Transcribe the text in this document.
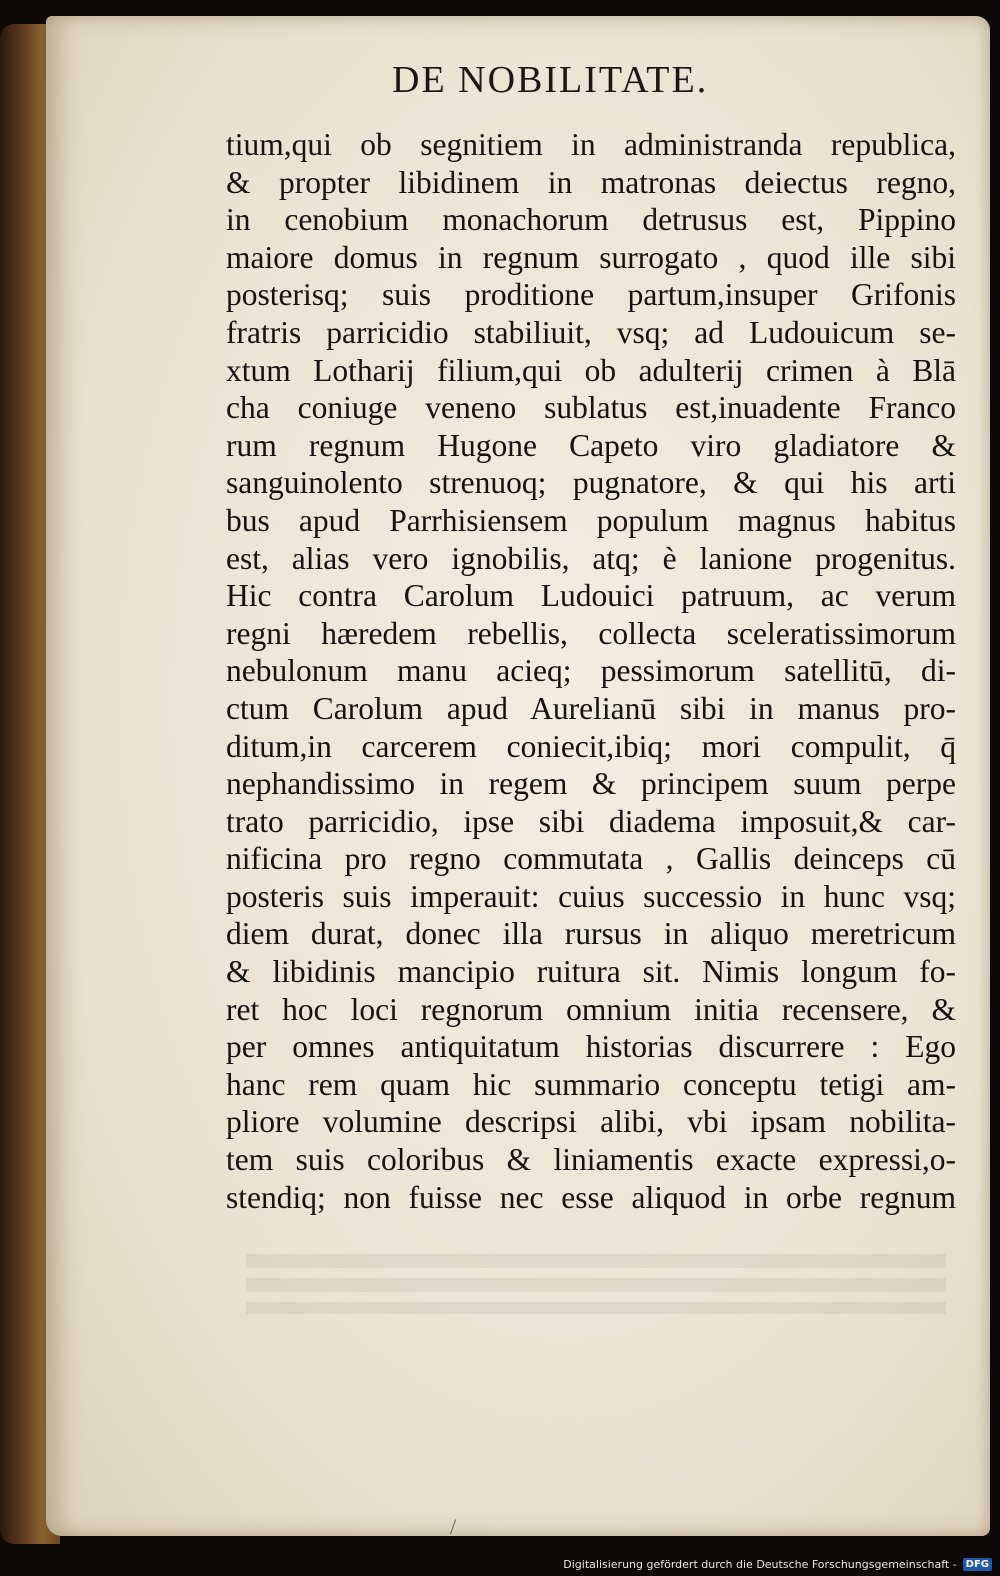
DE NOBILITATE.
tium,qui ob segnitiem in administranda republica,
& propter libidinem in matronas deiectus regno,
in cenobium monachorum detrusus est, Pippino
maiore domus in regnum surrogato , quod ille sibi
posterisq; suis proditione partum,insuper Grifonis
fratris parricidio stabiliuit, vsq; ad Ludouicum se-
xtum Lotharij filium,qui ob adulterij crimen à Blā
cha coniuge veneno sublatus est,inuadente Franco
rum regnum Hugone Capeto viro gladiatore &
sanguinolento strenuoq; pugnatore, & qui his arti
bus apud Parrhisiensem populum magnus habitus
est, alias vero ignobilis, atq; è lanione progenitus.
Hic contra Carolum Ludouici patruum, ac verum
regni hæredem rebellis, collecta sceleratissimorum
nebulonum manu acieq; pessimorum satellitū, di-
ctum Carolum apud Aurelianū sibi in manus pro-
ditum,in carcerem coniecit,ibiq; mori compulit, q̄
nephandissimo in regem & principem suum perpe
trato parricidio, ipse sibi diadema imposuit,& car-
nificina pro regno commutata , Gallis deinceps cū
posteris suis imperauit: cuius successio in hunc vsq;
diem durat, donec illa rursus in aliquo meretricum
& libidinis mancipio ruitura sit. Nimis longum fo-
ret hoc loci regnorum omnium initia recensere, &
per omnes antiquitatum historias discurrere : Ego
hanc rem quam hic summario conceptu tetigi am-
pliore volumine descripsi alibi, vbi ipsam nobilita-
tem suis coloribus & liniamentis exacte expressi,o-
stendiq; non fuisse nec esse aliquod in orbe regnum
/
Digitalisierung gefördert durch die Deutsche Forschungsgemeinschaft - DFG
